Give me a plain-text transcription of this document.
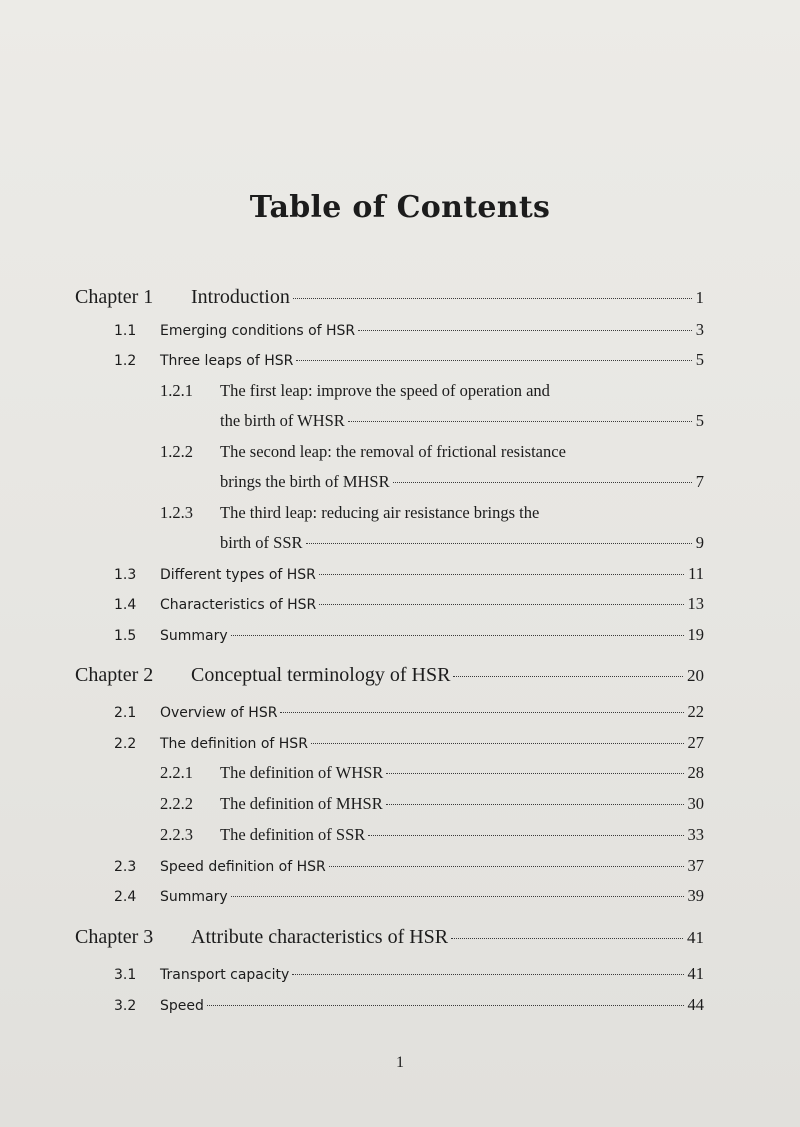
Table of Contents
Chapter 1	Introduction	1
1.1	Emerging conditions of HSR	3
1.2	Three leaps of HSR	5
1.2.1	The first leap: improve the speed of operation and
the birth of WHSR	5
1.2.2	The second leap: the removal of frictional resistance
brings the birth of MHSR	7
1.2.3	The third leap: reducing air resistance brings the
birth of SSR	9
1.3	Different types of HSR	11
1.4	Characteristics of HSR	13
1.5	Summary	19
Chapter 2	Conceptual terminology of HSR	20
2.1	Overview of HSR	22
2.2	The definition of HSR	27
2.2.1	The definition of WHSR	28
2.2.2	The definition of MHSR	30
2.2.3	The definition of SSR	33
2.3	Speed definition of HSR	37
2.4	Summary	39
Chapter 3	Attribute characteristics of HSR	41
3.1	Transport capacity	41
3.2	Speed	44
1
